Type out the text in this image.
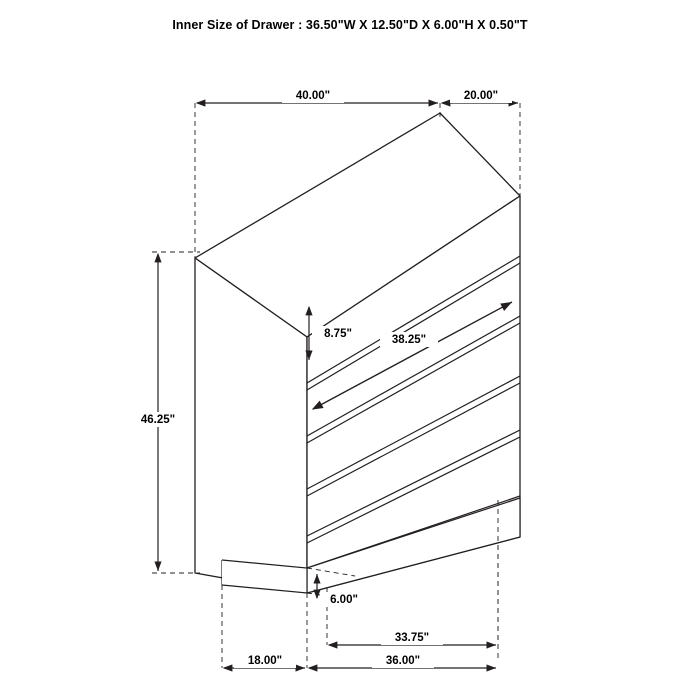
Inner Size of Drawer : 36.50"W X 12.50"D X 6.00"H X 0.50"T
40.00"	20.00"
46.25"
8.75"	38.25"
6.00"
33.75"
18.00"	36.00"
